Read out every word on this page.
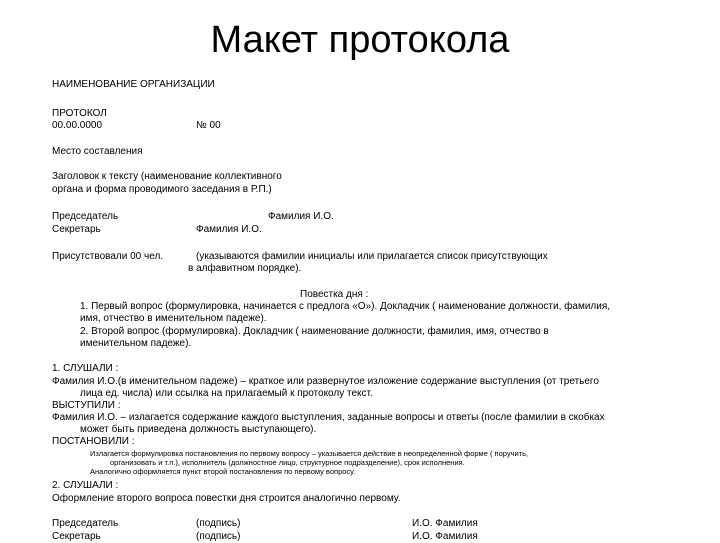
Макет протокола
НАИМЕНОВАНИЕ ОРГАНИЗАЦИИ
ПРОТОКОЛ
00.00.0000	№ 00
Место составления
Заголовок к тексту (наименование коллективного
органа и форма проводимого заседания в Р.П.)
Председатель	Фамилия И.О.
Секретарь	Фамилия И.О.
Присутствовали 00 чел.	(указываются фамилии инициалы или прилагается список присутствующих
в алфавитном порядке).
Повестка дня :
1. Первый вопрос (формулировка, начинается с предлога «О»). Докладчик ( наименование должности, фамилия,
имя, отчество в именительном падеже).
2. Второй вопрос (формулировка). Докладчик ( наименование должности, фамилия, имя, отчество в
именительном падеже).
1. СЛУШАЛИ :
Фамилия И.О.(в именительном падеже) – краткое или развернутое изложение содержание выступления (от третьего
лица ед. числа) или ссылка на прилагаемый к протоколу текст.
ВЫСТУПИЛИ :
Фамилия И.О. – излагается содержание каждого выступления, заданные вопросы и ответы (после фамилии в скобках
может быть приведена должность выступающего).
ПОСТАНОВИЛИ :
Излагается формулировка постановления по первому вопросу – указывается действие в неопределенной форме ( поручить,
организовать и т.п.), исполнитель (должностное лицо, структурное подразделение), срок исполнения.
Аналогично оформляется пункт второй постановления по первому вопросу.
2. СЛУШАЛИ :
Оформление второго вопроса повестки дня строится аналогично первому.
Председатель	(подпись)	И.О. Фамилия
Секретарь	(подпись)	И.О. Фамилия
